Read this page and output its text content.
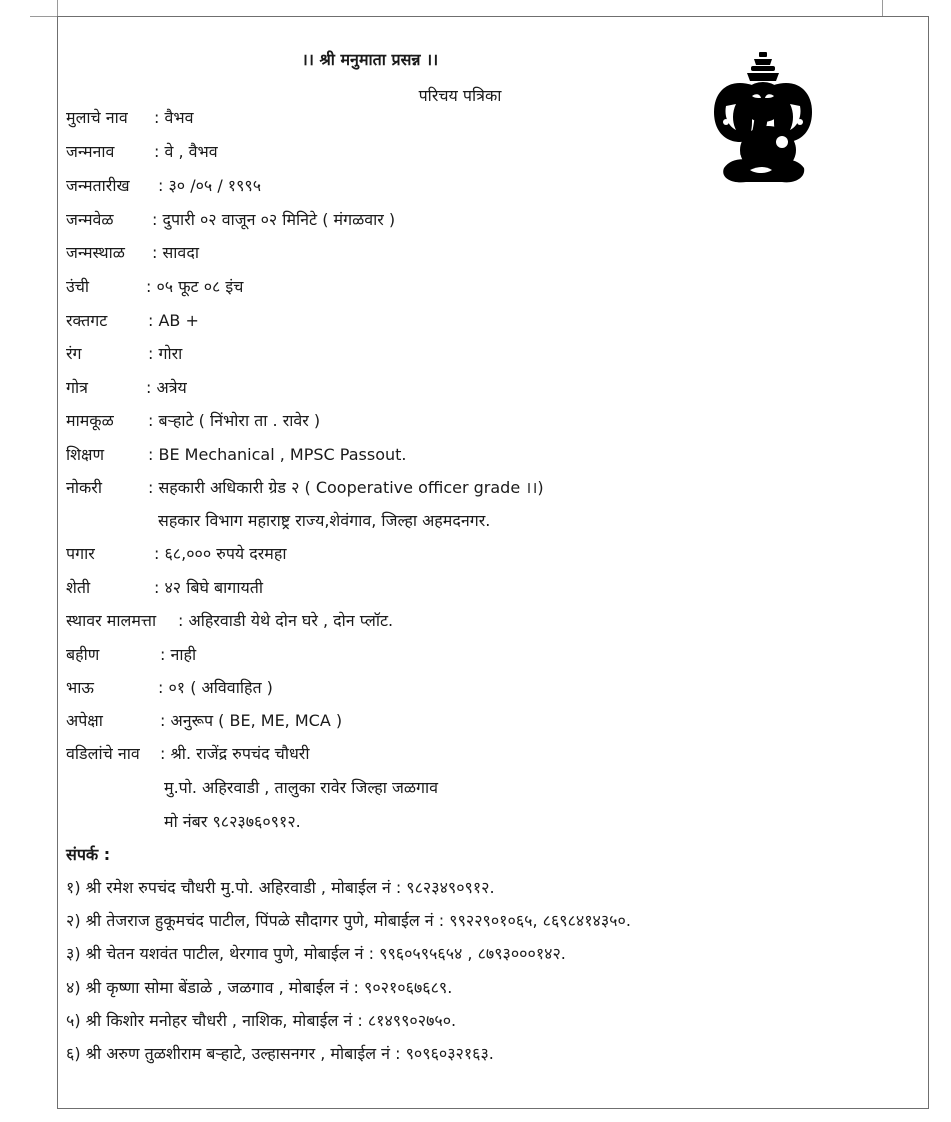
।। श्री मनुमाता प्रसन्न ।।
परिचय पत्रिका
मुलाचे नाव : वैभव
जन्मनाव : वे , वैभव
जन्मतारीख : ३० /०५ / १९९५
जन्मवेळ : दुपारी ०२ वाजून ०२ मिनिटे ( मंगळवार )
जन्मस्थाळ : सावदा
उंची	: ०५ फूट ०८ इंच
रक्तगट	: AB +
रंग	: गोरा
गोत्र	: अत्रेय
मामकूळ : बऱ्हाटे ( निंभोरा ता . रावेर )
शिक्षण	: BE Mechanical , MPSC Passout.
नोकरी	: सहकारी अधिकारी ग्रेड २ ( Cooperative officer grade ।।)
सहकार विभाग महाराष्ट्र राज्य,शेवंगाव, जिल्हा अहमदनगर.
पगार	: ६८,००० रुपये दरमहा
शेती	: ४२ बिघे बागायती
स्थावर मालमत्ता : अहिरवाडी येथे दोन घरे , दोन प्लॉट.
बहीण	: नाही
भाऊ	: ०१ ( अविवाहित )
अपेक्षा	: अनुरूप ( BE, ME, MCA )
वडिलांचे नाव : श्री. राजेंद्र रुपचंद चौधरी
मु.पो. अहिरवाडी , तालुका रावेर जिल्हा जळगाव
मो नंबर ९८२३७६०९१२.
संपर्क :
१) श्री रमेश रुपचंद चौधरी मु.पो. अहिरवाडी , मोबाईल नं : ९८२३४९०९१२.
२) श्री तेजराज हुकूमचंद पाटील, पिंपळे सौदागर पुणे, मोबाईल नं : ९९२२९०१०६५, ८६९८४१४३५०.
३) श्री चेतन यशवंत पाटील, थेरगाव पुणे, मोबाईल नं : ९९६०५९५६५४ , ८७९३०००१४२.
४) श्री कृष्णा सोमा बेंडाळे , जळगाव , मोबाईल नं : ९०२१०६७६८९.
५) श्री किशोर मनोहर चौधरी , नाशिक, मोबाईल नं : ८१४९९०२७५०.
६) श्री अरुण तुळशीराम बऱ्हाटे, उल्हासनगर , मोबाईल नं : ९०९६०३२१६३.
